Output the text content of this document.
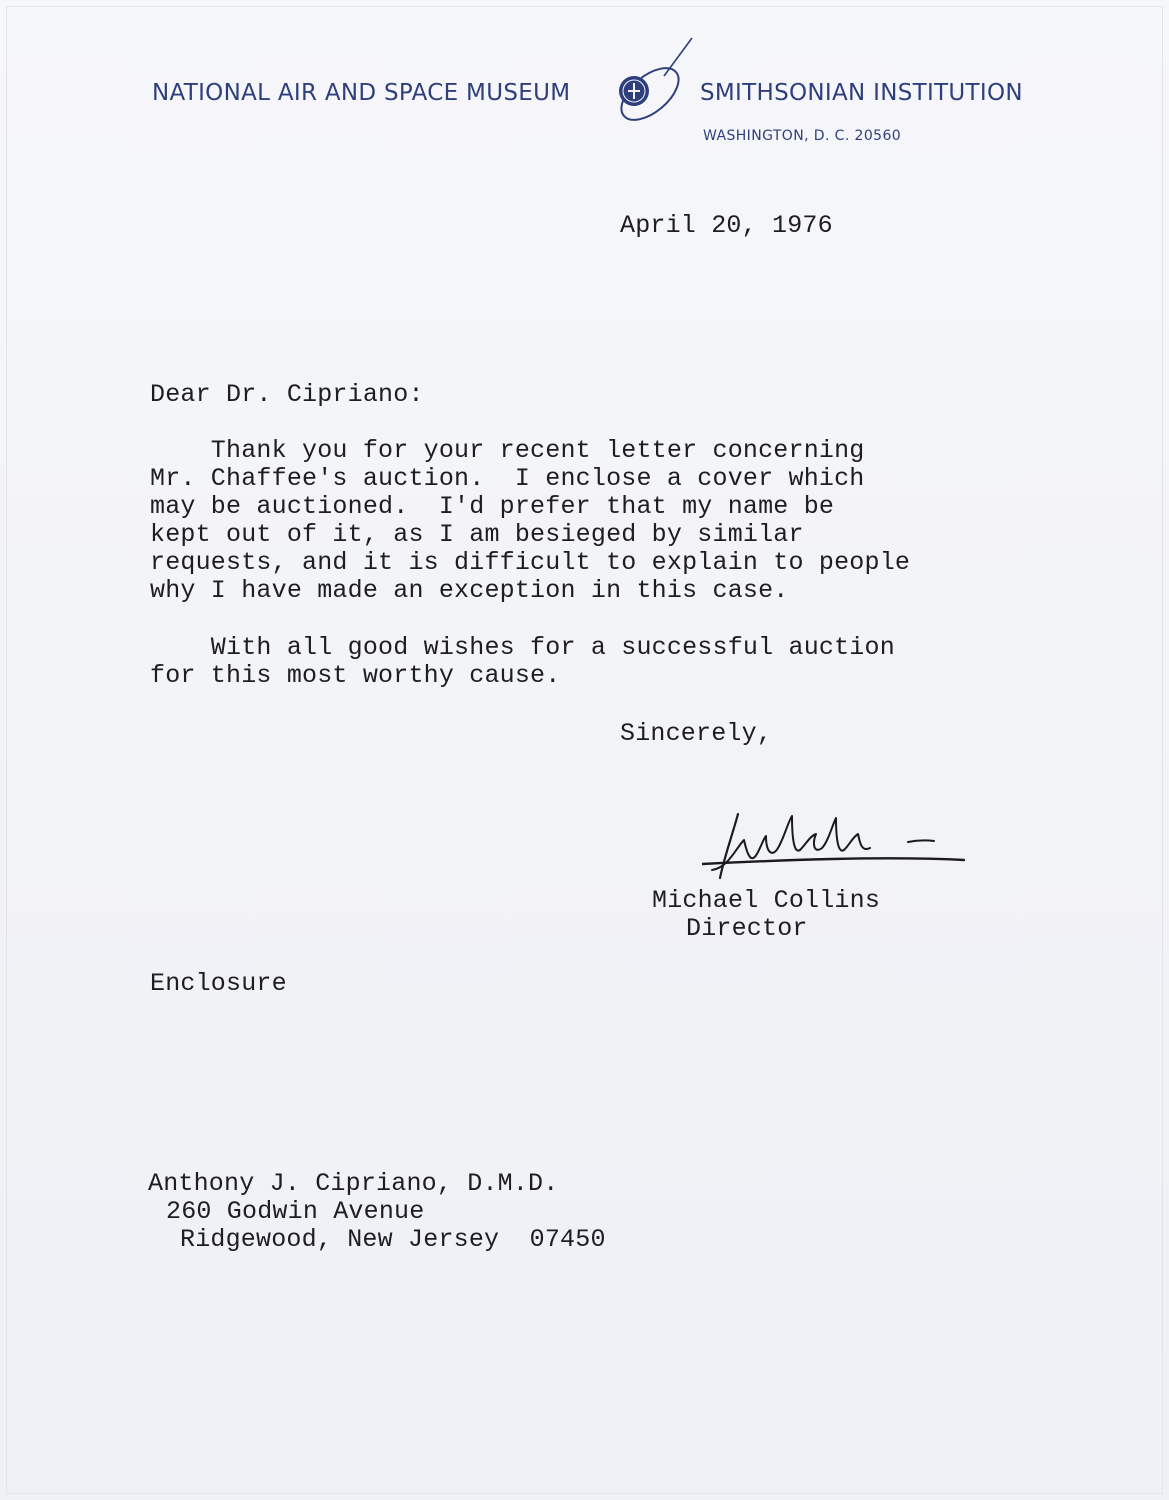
NATIONAL AIR AND SPACE MUSEUM	SMITHSONIAN INSTITUTION
WASHINGTON, D. C. 20560
April 20, 1976
Dear Dr. Cipriano:
Thank you for your recent letter concerning
Mr. Chaffee's auction.  I enclose a cover which
may be auctioned.  I'd prefer that my name be
kept out of it, as I am besieged by similar
requests, and it is difficult to explain to people
why I have made an exception in this case.
With all good wishes for a successful auction
for this most worthy cause.
Sincerely,
Michael Collins
Director
Enclosure
Anthony J. Cipriano, D.M.D.
260 Godwin Avenue
Ridgewood, New Jersey  07450
